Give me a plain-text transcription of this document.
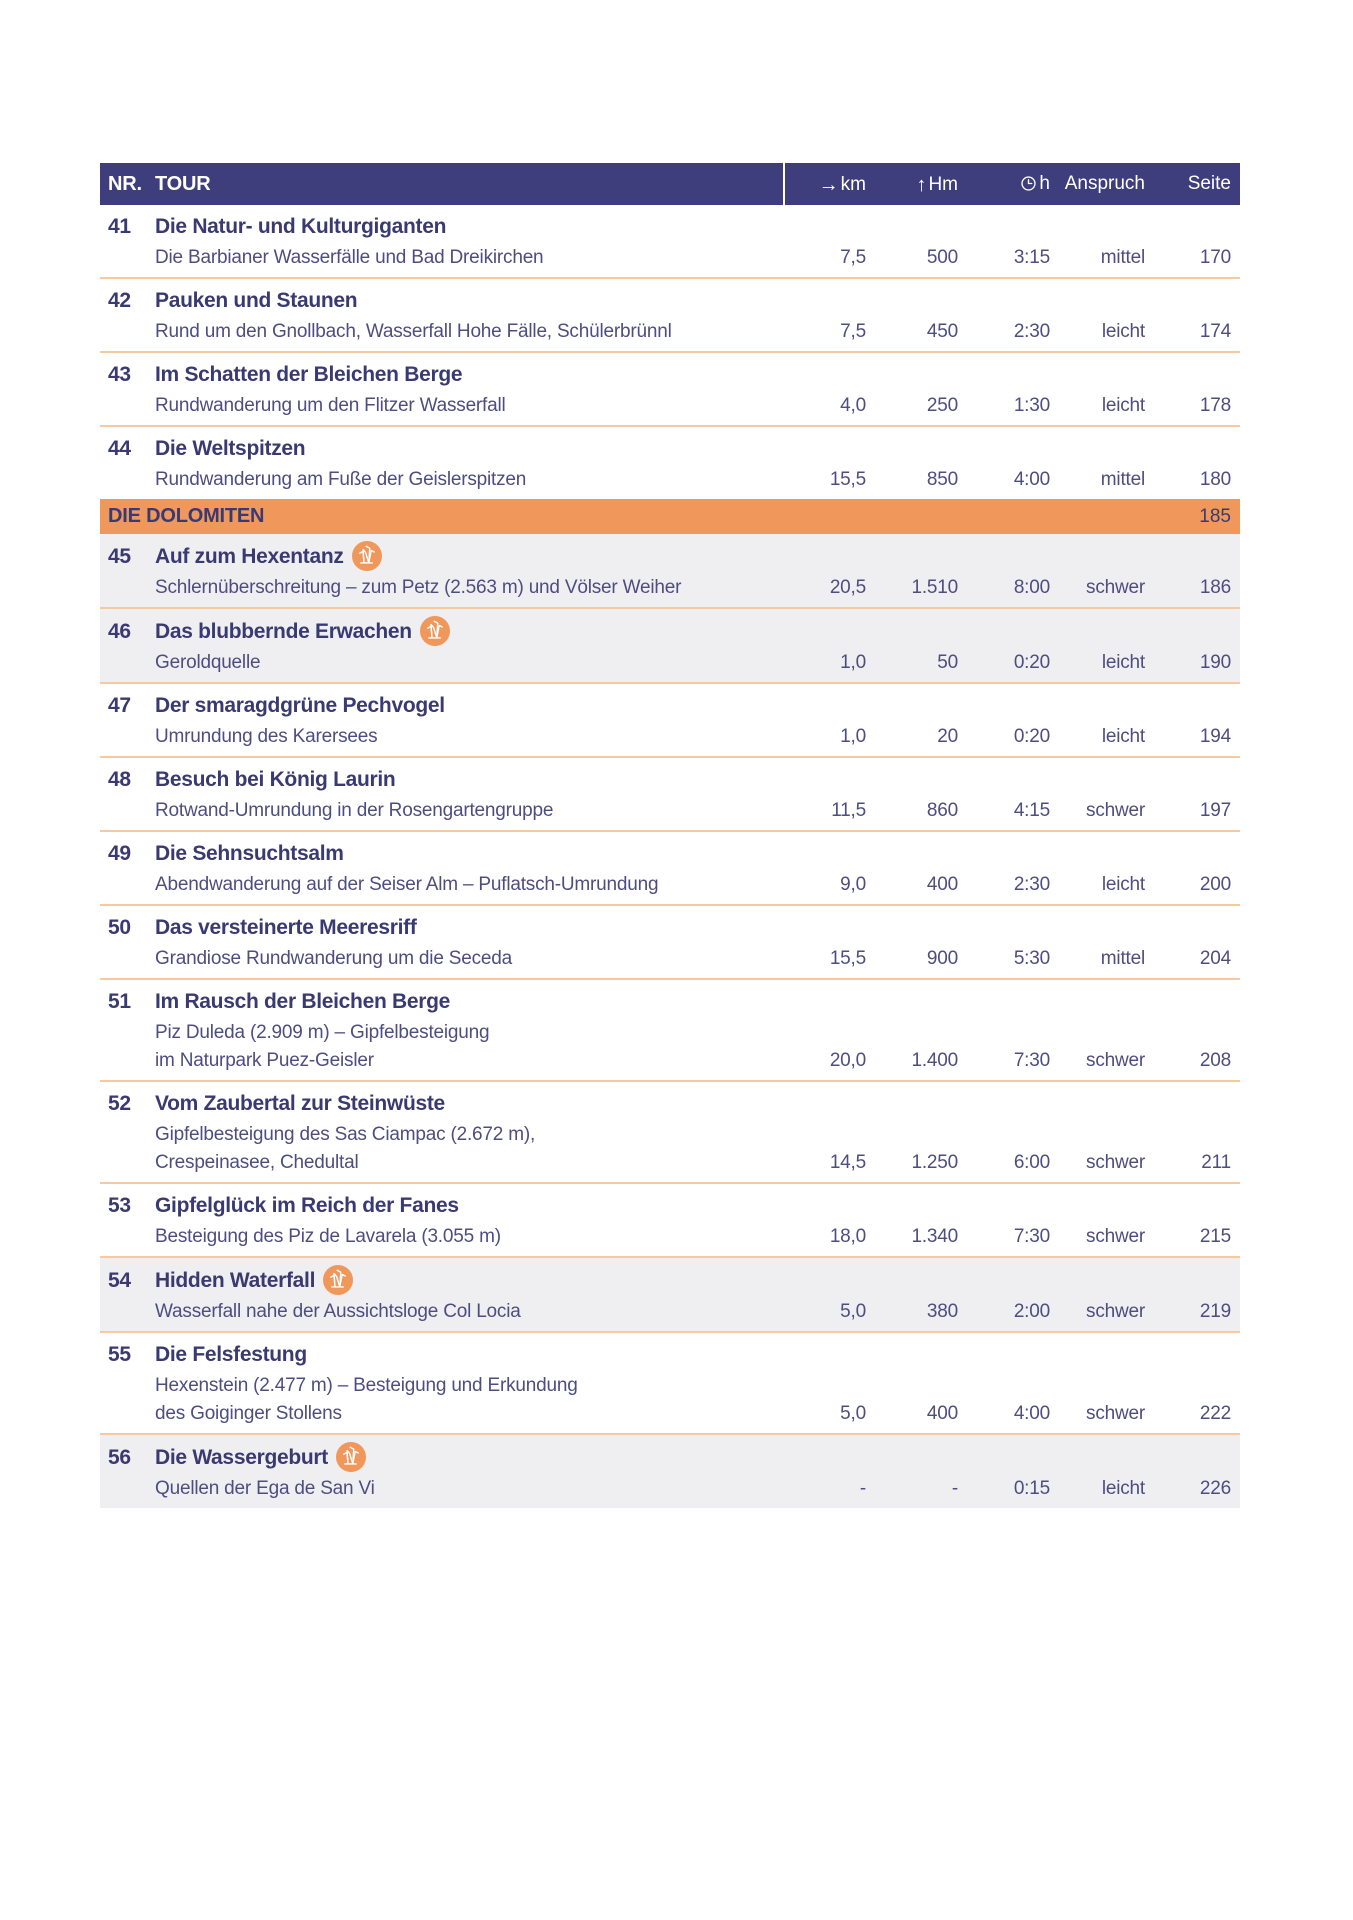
NR. TOUR	→ km	↑ Hm	h Anspruch	Seite
41	Die Natur- und Kulturgiganten
Die Barbianer Wasserfälle und Bad Dreikirchen	7,5	500	3:15	mittel	170
42	Pauken und Staunen
Rund um den Gnollbach, Wasserfall Hohe Fälle, Schülerbrünnl	7,5	450	2:30	leicht	174
43	Im Schatten der Bleichen Berge
Rundwanderung um den Flitzer Wasserfall	4,0	250	1:30	leicht	178
44	Die Weltspitzen
Rundwanderung am Fuße der Geislerspitzen	15,5	850	4:00	mittel	180
DIE DOLOMITEN	185
45	Auf zum Hexentanz
Schlernüberschreitung – zum Petz (2.563 m) und Völser Weiher	20,5	1.510	8:00	schwer	186
46	Das blubbernde Erwachen
Geroldquelle	1,0	50	0:20	leicht	190
47	Der smaragdgrüne Pechvogel
Umrundung des Karersees	1,0	20	0:20	leicht	194
48	Besuch bei König Laurin
Rotwand-Umrundung in der Rosengartengruppe	11,5	860	4:15	schwer	197
49	Die Sehnsuchtsalm
Abendwanderung auf der Seiser Alm – Puflatsch-Umrundung	9,0	400	2:30	leicht	200
50	Das versteinerte Meeresriff
Grandiose Rundwanderung um die Seceda	15,5	900	5:30	mittel	204
51	Im Rausch der Bleichen Berge
Piz Duleda (2.909 m) – Gipfelbesteigung
im Naturpark Puez-Geisler	20,0	1.400	7:30	schwer	208
52	Vom Zaubertal zur Steinwüste
Gipfelbesteigung des Sas Ciampac (2.672 m),
Crespeinasee, Chedultal	14,5	1.250	6:00	schwer	211
53	Gipfelglück im Reich der Fanes
Besteigung des Piz de Lavarela (3.055 m)	18,0	1.340	7:30	schwer	215
54	Hidden Waterfall
Wasserfall nahe der Aussichtsloge Col Locia	5,0	380	2:00	schwer	219
55	Die Felsfestung
Hexenstein (2.477 m) – Besteigung und Erkundung
des Goiginger Stollens	5,0	400	4:00	schwer	222
56	Die Wassergeburt
Quellen der Ega de San Vi	-	-	0:15	leicht	226
